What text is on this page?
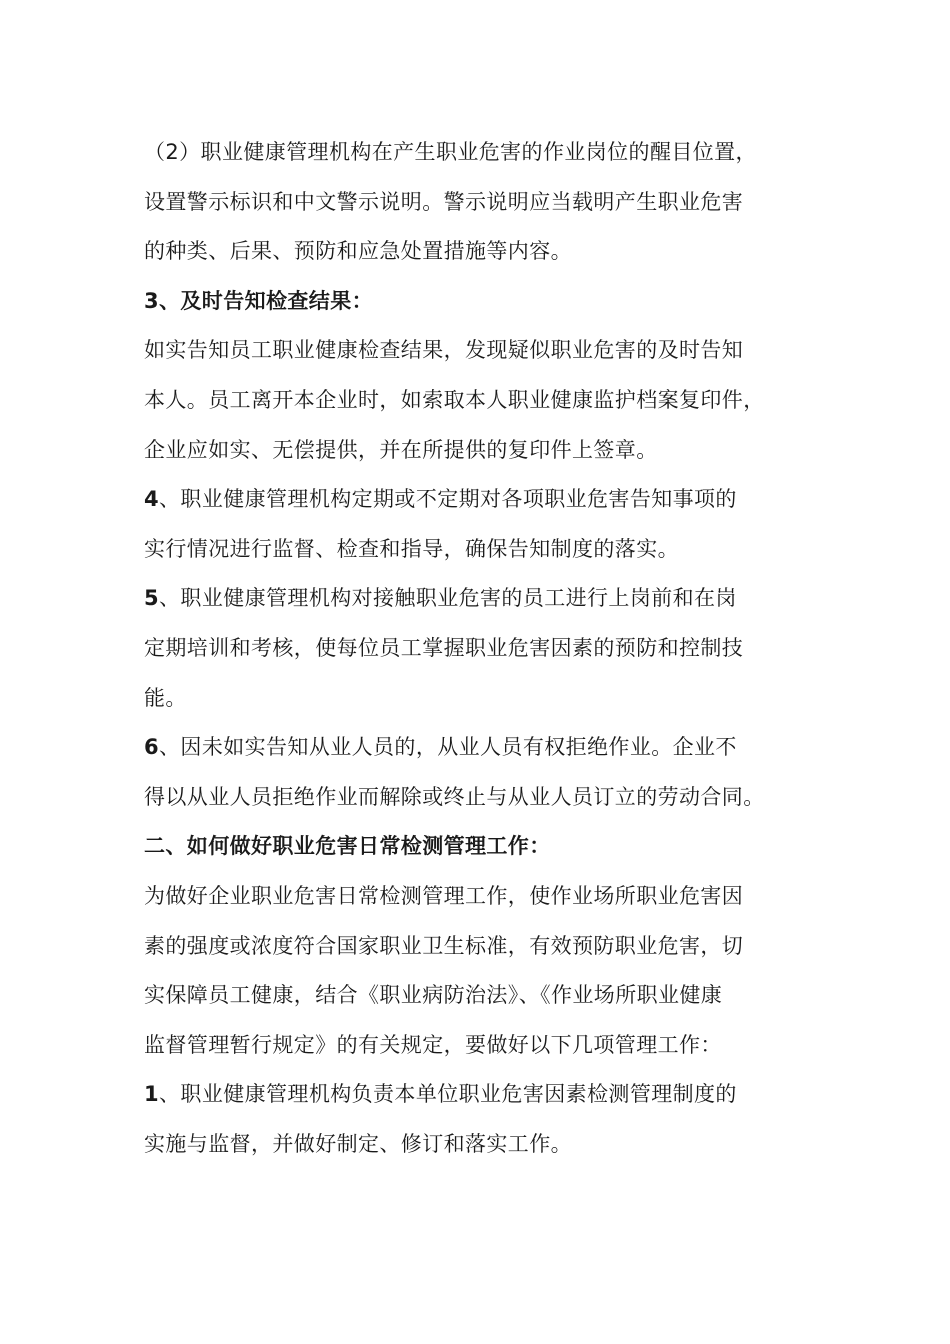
（2）职业健康管理机构在产生职业危害的作业岗位的醒目位置，
设置警示标识和中文警示说明。警示说明应当载明产生职业危害
的种类、后果、预防和应急处置措施等内容。
3、及时告知检查结果：
如实告知员工职业健康检查结果，发现疑似职业危害的及时告知
本人。员工离开本企业时，如索取本人职业健康监护档案复印件，
企业应如实、无偿提供，并在所提供的复印件上签章。
4、职业健康管理机构定期或不定期对各项职业危害告知事项的
实行情况进行监督、检查和指导，确保告知制度的落实。
5、职业健康管理机构对接触职业危害的员工进行上岗前和在岗
定期培训和考核，使每位员工掌握职业危害因素的预防和控制技
能。
6、因未如实告知从业人员的，从业人员有权拒绝作业。企业不
得以从业人员拒绝作业而解除或终止与从业人员订立的劳动合同。
二、如何做好职业危害日常检测管理工作：
为做好企业职业危害日常检测管理工作，使作业场所职业危害因
素的强度或浓度符合国家职业卫生标准，有效预防职业危害，切
实保障员工健康，结合《职业病防治法》、《作业场所职业健康
监督管理暂行规定》的有关规定，要做好以下几项管理工作：
1、职业健康管理机构负责本单位职业危害因素检测管理制度的
实施与监督，并做好制定、修订和落实工作。
